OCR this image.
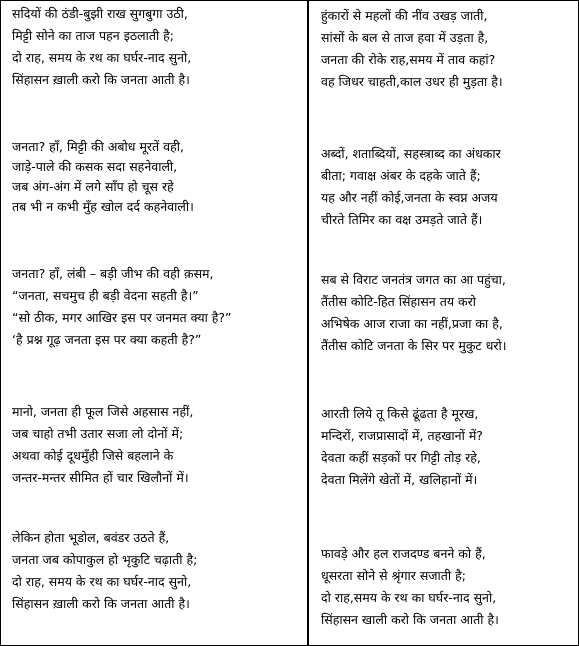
सदियों की ठंडी-बुझी राख सुगबुगा उठी,
मिट्टी सोने का ताज पहन इठलाती है;
दो राह, समय के रथ का घर्घर-नाद सुनो,
सिंहासन ख़ाली करो कि जनता आती है।
जनता? हाँ, मिट्टी की अबोध मूरतें वही,
जाड़े-पाले की कसक सदा सहनेवाली,
जब अंग-अंग में लगे साँप हो चूस रहे
तब भी न कभी मुँह खोल दर्द कहनेवाली।
जनता? हाँ, लंबी – बड़ी जीभ की वही क़सम,
“जनता, सचमुच ही बड़ी वेदना सहती है।”
“सो ठीक, मगर आखिर इस पर जनमत क्या है?”
‘है प्रश्न गूढ़ जनता इस पर क्या कहती है?”
मानो, जनता ही फूल जिसे अहसास नहीं,
जब चाहो तभी उतार सजा लो दोनों में;
अथवा कोई दूधमुँही जिसे बहलाने के
जन्तर-मन्तर सीमित हों चार खिलौनों में।
लेकिन होता भूडोल, बवंडर उठते हैं,
जनता जब कोपाकुल हो भृकुटि चढ़ाती है;
दो राह, समय के रथ का घर्घर-नाद सुनो,
सिंहासन ख़ाली करो कि जनता आती है।
हुंकारों से महलों की नींव उखड़ जाती,
सांसों के बल से ताज हवा में उड़ता है,
जनता की रोके राह,समय में ताव कहां?
वह जिधर चाहती,काल उधर ही मुड़ता है।
अब्दों, शताब्दियों, सहस्त्राब्द का अंधकार
बीता; गवाक्ष अंबर के दहके जाते हैं;
यह और नहीं कोई,जनता के स्वप्न अजय
चीरते तिमिर का वक्ष उमड़ते जाते हैं।
सब से विराट जनतंत्र जगत का आ पहुंचा,
तैंतीस कोटि-हित सिंहासन तय करो
अभिषेक आज राजा का नहीं,प्रजा का है,
तैंतीस कोटि जनता के सिर पर मुकुट धरो।
आरती लिये तू किसे ढूंढता है मूरख,
मन्दिरों, राजप्रासादों में, तहखानों में?
देवता कहीं सड़कों पर गिट्टी तोड़ रहे,
देवता मिलेंगे खेतों में, खलिहानों में।
फावड़े और हल राजदण्ड बनने को हैं,
धूसरता सोने से श्रृंगार सजाती है;
दो राह,समय के रथ का घर्घर-नाद सुनो,
सिंहासन खाली करो कि जनता आती है।
